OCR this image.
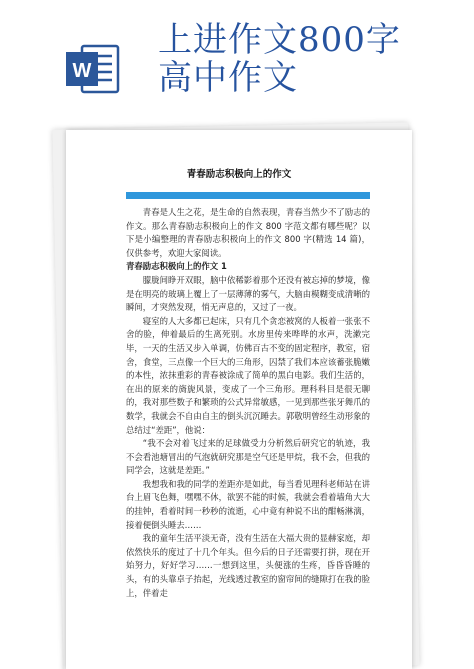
W
上进作文800字
高中作文
青春励志积极向上的作文

青春是人生之花，是生命的自然表现，青春当然少不了励志的作文。那么青春励志积极向上的作文 800 字范文都有哪些呢？以下是小编整理的青春励志积极向上的作文 800 字(精选 14 篇)，仅供参考，欢迎大家阅读。

青春励志积极向上的作文 1

朦胧间睁开双眼，脑中依稀影着那个还没有被忘掉的梦境，像是在明亮的玻璃上覆上了一层薄薄的雾气，大脑由模糊变成清晰的瞬间，才突然发现，悄无声息的，又过了一夜。

寝室的人大多都已起床，只有几个贪恋被窝的人板着一张张不舍的脸，伸着最后的生离死别。水房里传来哗哗的水声，洗漱完毕，一天的生活又步入单调，仿佛百古不变的固定程序，教室，宿舍，食堂，三点像一个巨大的三角形，囚禁了我们本应该蓄张脆嫩的本性，浓抹重彩的青春被涂成了简单的黑白电影。我们生活的，在出的原来的旖旎风景，变成了一个三角形。理科科目是很无聊的，我对那些数子和繁琐的公式异常敏感，一见到那些张牙舞爪的数学，我就会不自由自主的倒头沉沉睡去。郭敬明曾经生动形象的总结过“差距”，他说：

“我不会对着飞过来的足球做受力分析然后研究它的轨迹，我不会看池塘冒出的气泡就研究那是空气还是甲烷，我不会，但我的同学会，这就是差距。”

我想我和我的同学的差距亦是如此，每当看见理科老师站在讲台上眉飞色舞，嘿嘿不休，欲罢不能的时候，我就会看着墙角大大的挂钟，看着时间一秒秒的流逝，心中竟有种说不出的酣畅淋漓，接着便倒头睡去……

我的童年生活平淡无奇，没有生活在大福大贵的显赫家庭，却依然快乐的度过了十几个年头。但今后的日子还需要打拼，现在开始努力，好好学习……一想到这里，头便涨的生疼，昏昏昏睡的头，有的头靠卓子抬起，光线透过教室的窗帘间的缝隙打在我的脸上，伴着走
